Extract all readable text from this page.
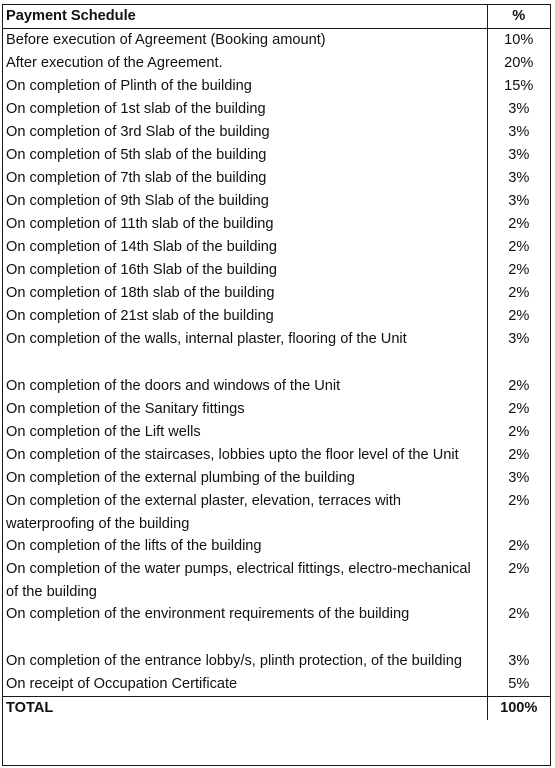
Payment Schedule	%
Before execution of Agreement (Booking amount)	10%
After execution of the Agreement.	20%
On completion of Plinth of the building	15%
On completion of 1st slab of the building	3%
On completion of 3rd Slab of the building	3%
On completion of 5th slab of the building	3%
On completion of 7th slab of the building	3%
On completion of 9th Slab of the building	3%
On completion of 11th slab of the building	2%
On completion of 14th Slab of the building	2%
On completion of 16th Slab of the building	2%
On completion of 18th slab of the building	2%
On completion of 21st slab of the building	2%
On completion of the walls, internal plaster, flooring of the Unit	3%

On completion of the doors and windows of the Unit	2%
On completion of the Sanitary fittings	2%
On completion of the Lift wells	2%
On completion of the staircases, lobbies upto the floor level of the Unit	2%
On completion of the external plumbing of the building	3%
On completion of the external plaster, elevation, terraces with waterproofing of the building	2%
On completion of the lifts of the building	2%
On completion of the water pumps, electrical fittings, electro-mechanical of the building	2%
On completion of the environment requirements of the building	2%

On completion of the entrance lobby/s, plinth protection, of the building	3%
On receipt of Occupation Certificate	5%
TOTAL	100%
